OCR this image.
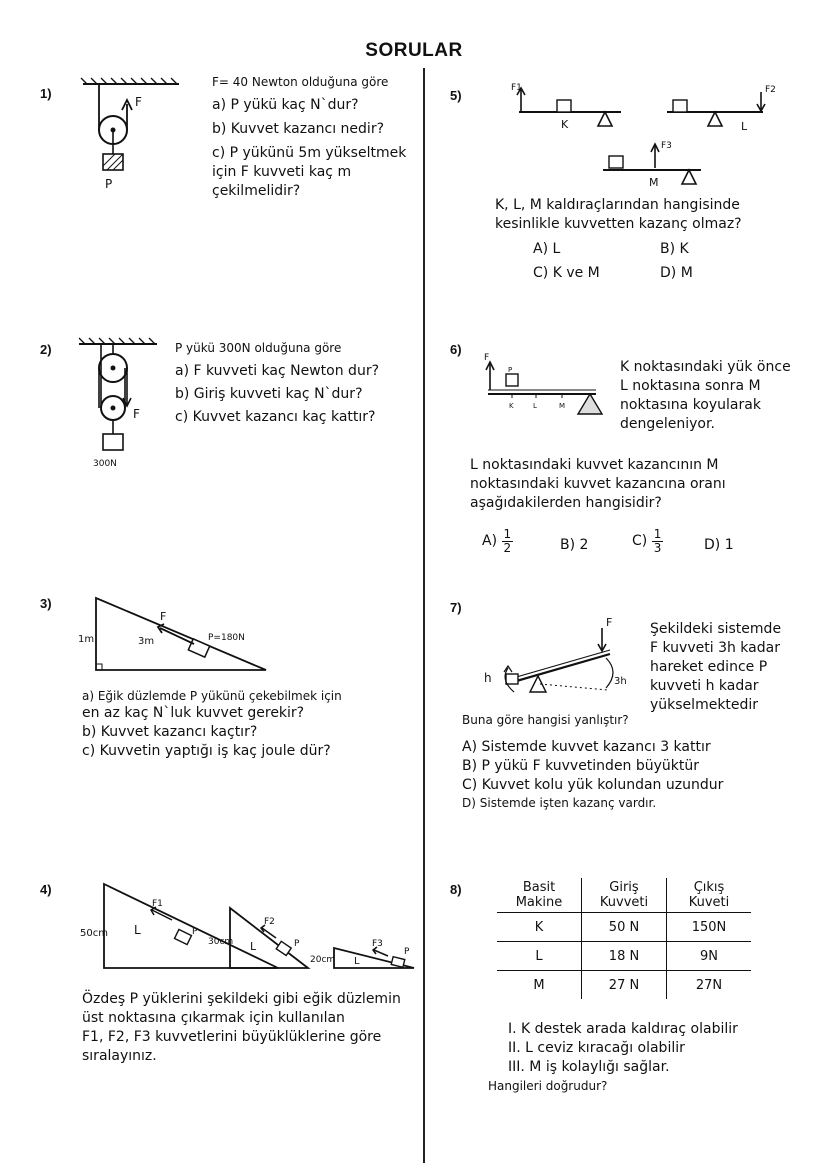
SORULAR
1)
F
P
F= 40 Newton olduğuna göre
a) P yükü kaç N`dur?
b) Kuvvet kazancı nedir?
c) P yükünü 5m yükseltmek
için F kuvveti kaç m
çekilmelidir?
2)
F
300N
P yükü 300N olduğuna göre
a) F kuvveti kaç Newton dur?
b) Giriş kuvveti kaç N`dur?
c) Kuvvet kazancı kaç kattır?
3)
F
1m	3m	P=180N
a) Eğik düzlemde P yükünü çekebilmek için
en az kaç N`luk kuvvet gerekir?
b) Kuvvet kazancı kaçtır?
c) Kuvvetin yaptığı iş kaç joule dür?
4)
50cm
F1
L	P
30cm
F2
L	P
20cm
F3
L
P
Özdeş P yüklerini şekildeki gibi eğik düzlemin
üst noktasına çıkarmak için kullanılan
F1, F2, F3 kuvvetlerini büyüklüklerine göre
sıralayınız.
5)	F1
K
F2
L
F3
M
K, L, M kaldıraçlarından hangisinde
kesinlikle kuvvetten kazanç olmaz?
A) L	B) K
C) K ve M	D) M
6)
F
P
K	L	M
K noktasındaki yük önce
L noktasına sonra M
noktasına koyularak
dengeleniyor.
L noktasındaki kuvvet kazancının M
noktasındaki kuvvet kazancına oranı
aşağıdakilerden hangisidir?
$A) \frac{1}{2}$	B) 2	$C) \frac{1}{3}$	D) 1
7)
F
h	3h
Şekildeki sistemde
F kuvveti 3h kadar
hareket edince P
kuvveti h kadar
yükselmektedir
Buna göre hangisi yanlıştır?
A) Sistemde kuvvet kazancı 3 kattır
B) P yükü F kuvvetinden büyüktür
C) Kuvvet kolu yük kolundan uzundur
D) Sistemde işten kazanç vardır.
8)	Basit Makine	Giriş Kuvveti	Çıkış Kuveti
K	50 N	150N
L	18 N	9N
M	27 N	27N
I. K destek arada kaldıraç olabilir
II. L ceviz kıracağı olabilir
III. M iş kolaylığı sağlar.
Hangileri doğrudur?
